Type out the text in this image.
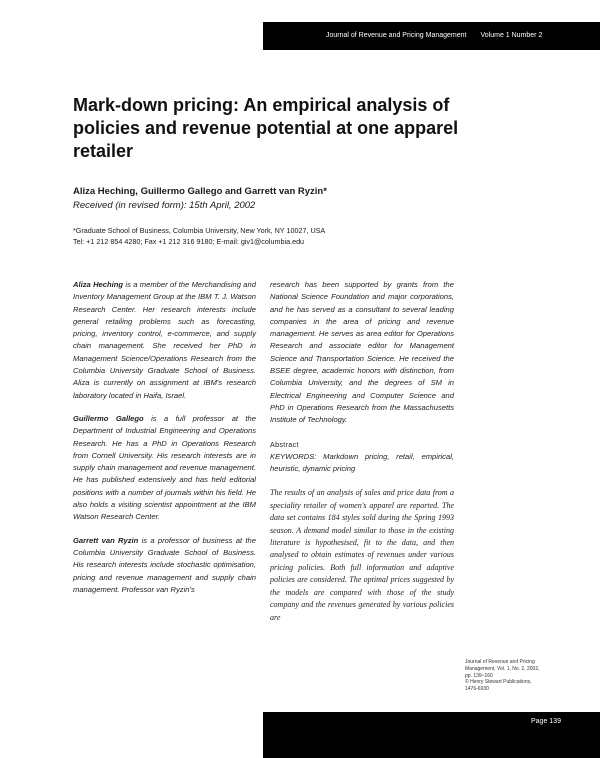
Journal of Revenue and Pricing Management Volume 1 Number 2
Mark-down pricing: An empirical analysis of policies and revenue potential at one apparel retailer
Aliza Heching, Guillermo Gallego and Garrett van Ryzin*
Received (in revised form): 15th April, 2002
*Graduate School of Business, Columbia University, New York, NY 10027, USA
Tel: +1 212 854 4280; Fax +1 212 316 9180; E-mail: giv1@columbia.edu

Aliza Heching is a member of the Merchandising and Inventory Management Group at the IBM T. J. Watson Research Center. Her research interests include general retailing problems such as forecasting, pricing, inventory control, e-commerce, and supply chain management. She received her PhD in Management Science/Operations Research from the Columbia University Graduate School of Business. Aliza is currently on assignment at IBM's research laboratory located in Haifa, Israel.

Guillermo Gallego is a full professor at the Department of Industrial Engineering and Operations Research. He has a PhD in Operations Research from Cornell University. His research interests are in supply chain management and revenue management. He has published extensively and has held editorial positions with a number of journals within his field. He also holds a visiting scientist appointment at the IBM Watson Research Center.

Garrett van Ryzin is a professor of business at the Columbia University Graduate School of Business. His research interests include stochastic optimisation, pricing and revenue management and supply chain management. Professor van Ryzin's

research has been supported by grants from the National Science Foundation and major corporations, and he has served as a consultant to several leading companies in the area of pricing and revenue management. He serves as area editor for Operations Research and associate editor for Management Science and Transportation Science. He received the BSEE degree, academic honors with distinction, from Columbia University, and the degrees of SM in Electrical Engineering and Computer Science and PhD in Operations Research from the Massachusetts Institute of Technology.
Abstract
KEYWORDS: Markdown pricing, retail, empirical, heuristic, dynamic pricing
The results of an analysis of sales and price data from a speciality retailer of women's apparel are reported. The data set contains 184 styles sold during the Spring 1993 season. A demand model similar to those in the existing literature is hypothesised, fit to the data, and then analysed to obtain estimates of revenues under various pricing policies. Both full information and adaptive policies are considered. The optimal prices suggested by the models are compared with those of the study company and the revenues generated by various policies are
Journal of Revenue and Pricing
Management, Vol. 1, No. 2, 2002,
pp. 139–160
© Henry Stewart Publications,
1476-6930
Page 139
